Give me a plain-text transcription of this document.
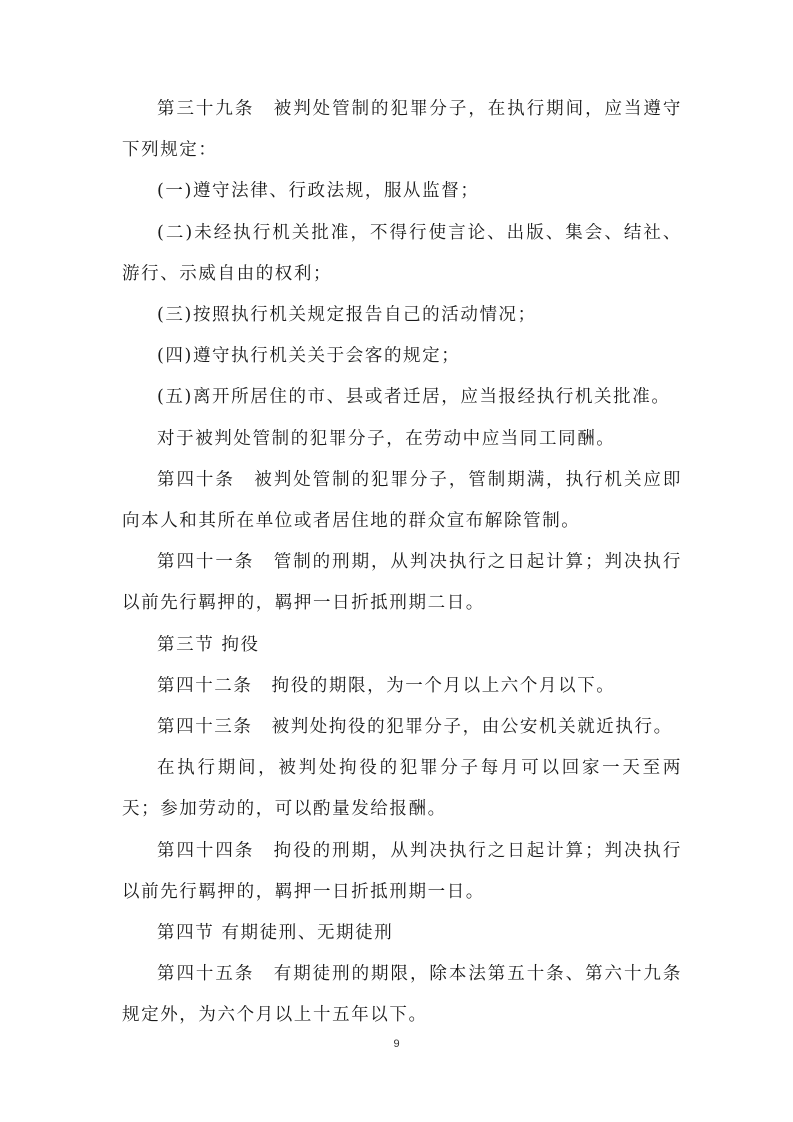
第三十九条　被判处管制的犯罪分子，在执行期间，应当遵守下列规定：

(一)遵守法律、行政法规，服从监督；

(二)未经执行机关批准，不得行使言论、出版、集会、结社、游行、示威自由的权利；

(三)按照执行机关规定报告自己的活动情况；

(四)遵守执行机关关于会客的规定；

(五)离开所居住的市、县或者迁居，应当报经执行机关批准。

对于被判处管制的犯罪分子，在劳动中应当同工同酬。

第四十条　被判处管制的犯罪分子，管制期满，执行机关应即向本人和其所在单位或者居住地的群众宣布解除管制。

第四十一条　管制的刑期，从判决执行之日起计算；判决执行以前先行羁押的，羁押一日折抵刑期二日。

第三节 拘役

第四十二条　拘役的期限，为一个月以上六个月以下。

第四十三条　被判处拘役的犯罪分子，由公安机关就近执行。

在执行期间，被判处拘役的犯罪分子每月可以回家一天至两天；参加劳动的，可以酌量发给报酬。

第四十四条　拘役的刑期，从判决执行之日起计算；判决执行以前先行羁押的，羁押一日折抵刑期一日。

第四节 有期徒刑、无期徒刑

第四十五条　有期徒刑的期限，除本法第五十条、第六十九条规定外，为六个月以上十五年以下。

9
